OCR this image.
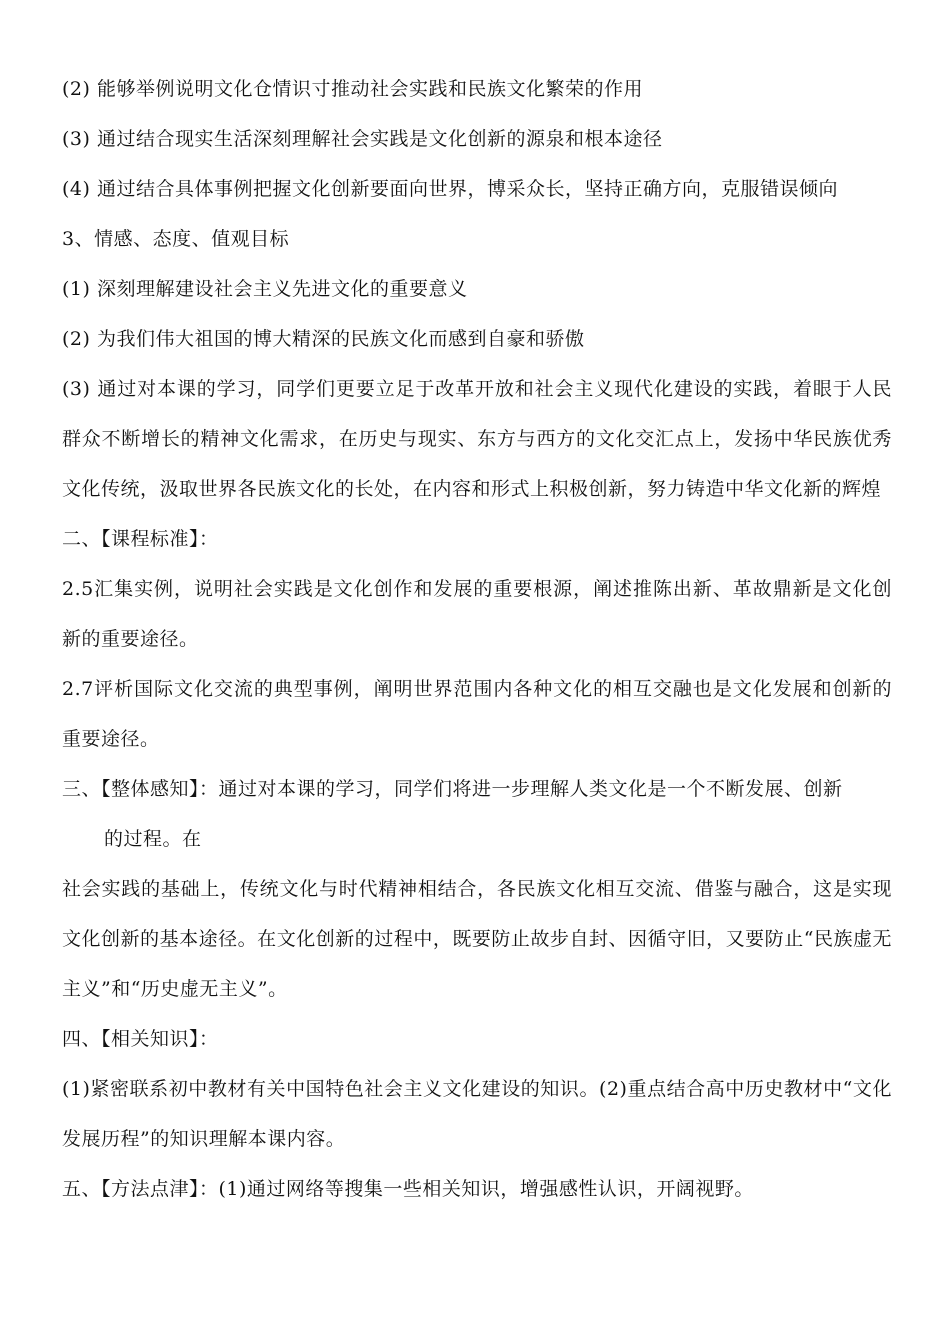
(2) 能够举例说明文化仓情识寸推动社会实践和民族文化繁荣的作用
(3) 通过结合现实生活深刻理解社会实践是文化创新的源泉和根本途径
(4) 通过结合具体事例把握文化创新要面向世界，博采众长，坚持正确方向，克服错误倾向
3、情感、态度、值观目标
(1) 深刻理解建设社会主义先进文化的重要意义
(2) 为我们伟大祖国的博大精深的民族文化而感到自豪和骄傲
(3) 通过对本课的学习，同学们更要立足于改革开放和社会主义现代化建设的实践，着眼于人民群众不断增长的精神文化需求，在历史与现实、东方与西方的文化交汇点上，发扬中华民族优秀文化传统，汲取世界各民族文化的长处，在内容和形式上积极创新，努力铸造中华文化新的辉煌
二、【课程标准】：
2.5汇集实例，说明社会实践是文化创作和发展的重要根源，阐述推陈出新、革故鼎新是文化创新的重要途径。
2.7评析国际文化交流的典型事例，阐明世界范围内各种文化的相互交融也是文化发展和创新的重要途径。
三、【整体感知】：通过对本课的学习，同学们将进一步理解人类文化是一个不断发展、创新
的过程。在
社会实践的基础上，传统文化与时代精神相结合，各民族文化相互交流、借鉴与融合，这是实现文化创新的基本途径。在文化创新的过程中，既要防止故步自封、因循守旧，又要防止“民族虚无主义”和“历史虚无主义”。
四、【相关知识】：
(1)紧密联系初中教材有关中国特色社会主义文化建设的知识。(2)重点结合高中历史教材中“文化发展历程”的知识理解本课内容。
五、【方法点津】：(1)通过网络等搜集一些相关知识，增强感性认识，开阔视野。
